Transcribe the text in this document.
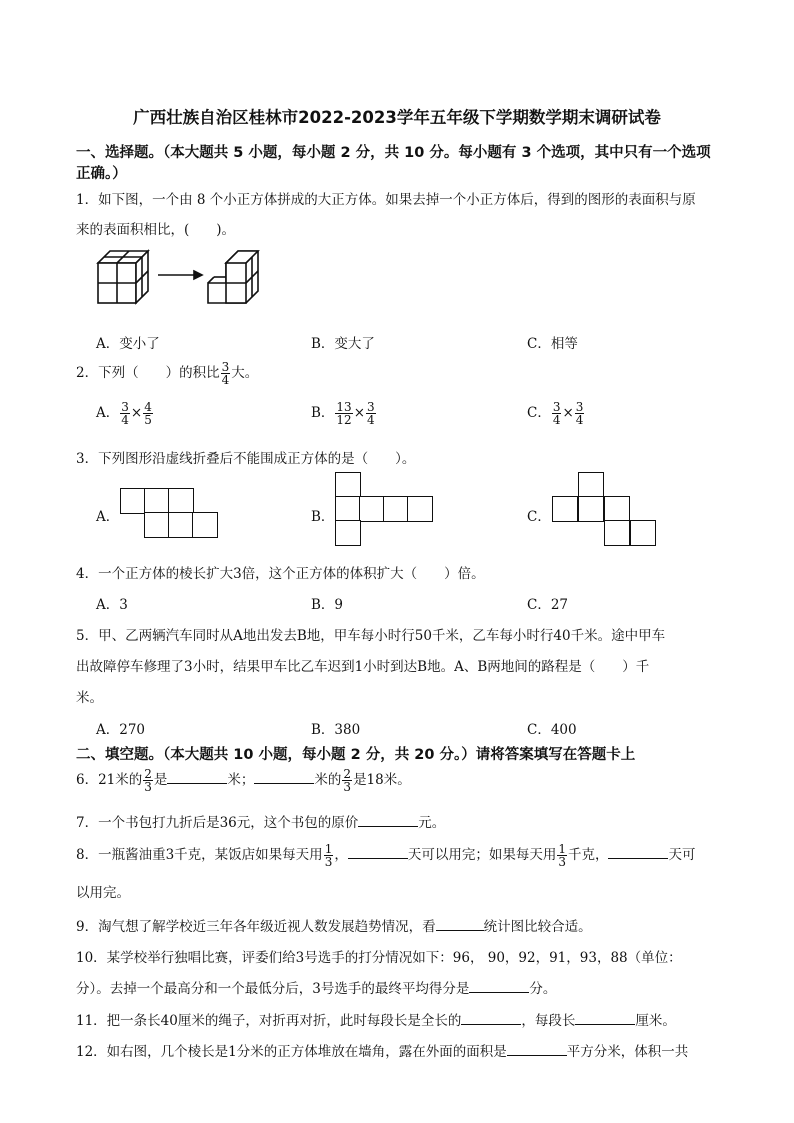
广西壮族自治区桂林市2022-2023学年五年级下学期数学期末调研试卷
一、选择题。（本大题共 5 小题，每小题 2 分，共 10 分。每小题有 3 个选项，其中只有一个选项
正确。）
1．如下图，一个由 8 个小正方体拼成的大正方体。如果去掉一个小正方体后，得到的图形的表面积与原
来的表面积相比，(　　)。
A．变小了	B．变大了	C．相等
2．下列（　　）的积比 $\frac{3}{4}$ 大。
A． $\frac{3}{4} \times \frac{4}{5}$	B． $\frac{13}{12} \times \frac{3}{4}$	C． $\frac{3}{4} \times \frac{3}{4}$
3．下列图形沿虚线折叠后不能围成正方体的是（　　）。
A．	B．	C．
4．一个正方体的棱长扩大3倍，这个正方体的体积扩大（　　）倍。
A．3	B．9	C．27
5．甲、乙两辆汽车同时从A地出发去B地，甲车每小时行50千米，乙车每小时行40千米。途中甲车
出故障停车修理了3小时，结果甲车比乙车迟到1小时到达B地。A、B两地间的路程是（　　）千
米。
A．270	B．380	C．400
二、填空题。（本大题共 10 小题，每小题 2 分，共 20 分。）请将答案填写在答题卡上
6．21米的 $\frac{2}{3}$ 是	米；	米的 $\frac{2}{3}$ 是18米。
7．一个书包打九折后是36元，这个书包的原价	元。
8．一瓶酱油重3千克，某饭店如果每天用 $\frac{1}{3}$ ，	天可以用完；如果每天用 $\frac{1}{3}$ 千克，	天可
以用完。
9．淘气想了解学校近三年各年级近视人数发展趋势情况，看	统计图比较合适。
10．某学校举行独唱比赛，评委们给3号选手的打分情况如下：96， 90，92，91，93，88（单位：
分）。去掉一个最高分和一个最低分后，3号选手的最终平均得分是	分。
11．把一条长40厘米的绳子，对折再对折，此时每段长是全长的	，每段长	厘米。
12．如右图，几个棱长是1分米的正方体堆放在墙角，露在外面的面积是	平方分米，体积一共
